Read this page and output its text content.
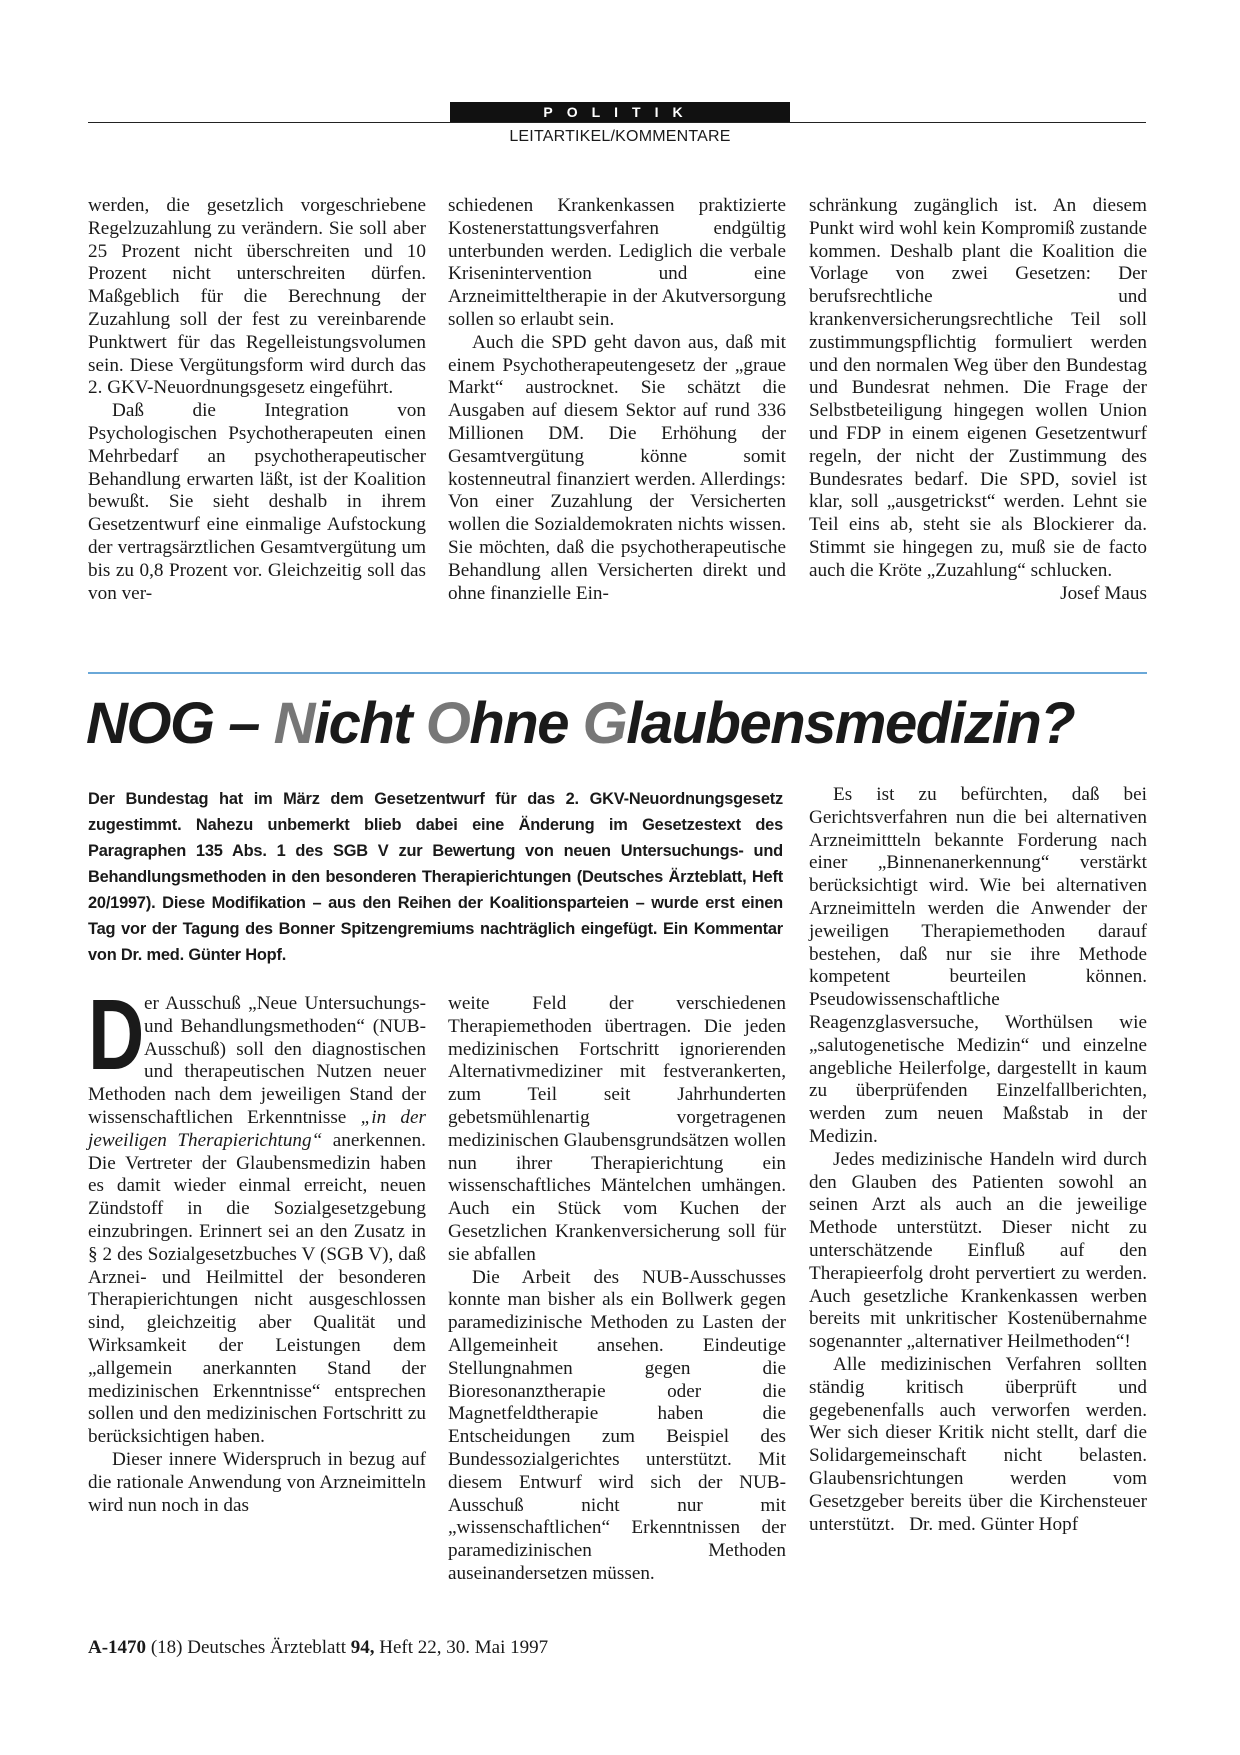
POLITIK
LEITARTIKEL/KOMMENTARE

werden, die gesetzlich vorgeschriebene Regelzuzahlung zu verändern. Sie soll aber 25 Prozent nicht überschreiten und 10 Prozent nicht unterschreiten dürfen. Maßgeblich für die Berechnung der Zuzahlung soll der fest zu vereinbarende Punktwert für das Regelleistungsvolumen sein. Diese Vergütungsform wird durch das 2. GKV-Neuordnungsgesetz eingeführt.

Daß die Integration von Psychologischen Psychotherapeuten einen Mehrbedarf an psychotherapeutischer Behandlung erwarten läßt, ist der Koalition bewußt. Sie sieht deshalb in ihrem Gesetzentwurf eine einmalige Aufstockung der vertragsärztlichen Gesamtvergütung um bis zu 0,8 Prozent vor. Gleichzeitig soll das von ver-

schiedenen Krankenkassen praktizierte Kostenerstattungsverfahren endgültig unterbunden werden. Lediglich die verbale Krisenintervention und eine Arzneimitteltherapie in der Akutversorgung sollen so erlaubt sein.

Auch die SPD geht davon aus, daß mit einem Psychotherapeutengesetz der „graue Markt“ austrocknet. Sie schätzt die Ausgaben auf diesem Sektor auf rund 336 Millionen DM. Die Erhöhung der Gesamtvergütung könne somit kostenneutral finanziert werden. Allerdings: Von einer Zuzahlung der Versicherten wollen die Sozialdemokraten nichts wissen. Sie möchten, daß die psychotherapeutische Behandlung allen Versicherten direkt und ohne finanzielle Ein-

schränkung zugänglich ist. An diesem Punkt wird wohl kein Kompromiß zustande kommen. Deshalb plant die Koalition die Vorlage von zwei Gesetzen: Der berufsrechtliche und krankenversicherungsrechtliche Teil soll zustimmungspflichtig formuliert werden und den normalen Weg über den Bundestag und Bundesrat nehmen. Die Frage der Selbstbeteiligung hingegen wollen Union und FDP in einem eigenen Gesetzentwurf regeln, der nicht der Zustimmung des Bundesrates bedarf. Die SPD, soviel ist klar, soll „ausgetrickst“ werden. Lehnt sie Teil eins ab, steht sie als Blockierer da. Stimmt sie hingegen zu, muß sie de facto auch die Kröte „Zuzahlung“ schlucken.

Josef Maus
NOG – Nicht Ohne Glaubensmedizin?
Der Bundestag hat im März dem Gesetzentwurf für das 2. GKV-Neuordnungsgesetz zugestimmt. Nahezu unbemerkt blieb dabei eine Änderung im Gesetzestext des Paragraphen 135 Abs. 1 des SGB V zur Bewertung von neuen Untersuchungs- und Behandlungsmethoden in den besonderen Therapierichtungen (Deutsches Ärzteblatt, Heft 20/1997). Diese Modifikation – aus den Reihen der Koalitionsparteien – wurde erst einen Tag vor der Tagung des Bonner Spitzengremiums nachträglich eingefügt. Ein Kommentar von Dr. med. Günter Hopf.

Der Ausschuß „Neue Untersuchungs- und Behandlungsmethoden“ (NUB-Ausschuß) soll den diagnostischen und therapeutischen Nutzen neuer Methoden nach dem jeweiligen Stand der wissenschaftlichen Erkenntnisse „in der jeweiligen Therapierichtung“ anerkennen. Die Vertreter der Glaubensmedizin haben es damit wieder einmal erreicht, neuen Zündstoff in die Sozialgesetzgebung einzubringen. Erinnert sei an den Zusatz in § 2 des Sozialgesetzbuches V (SGB V), daß Arznei- und Heilmittel der besonderen Therapierichtungen nicht ausgeschlossen sind, gleichzeitig aber Qualität und Wirksamkeit der Leistungen dem „allgemein anerkannten Stand der medizinischen Erkenntnisse“ entsprechen sollen und den medizinischen Fortschritt zu berücksichtigen haben.

Dieser innere Widerspruch in bezug auf die rationale Anwendung von Arzneimitteln wird nun noch in das

weite Feld der verschiedenen Therapiemethoden übertragen. Die jeden medizinischen Fortschritt ignorierenden Alternativmediziner mit festverankerten, zum Teil seit Jahrhunderten gebetsmühlenartig vorgetragenen medizinischen Glaubensgrundsätzen wollen nun ihrer Therapierichtung ein wissenschaftliches Mäntelchen umhängen. Auch ein Stück vom Kuchen der Gesetzlichen Krankenversicherung soll für sie abfallen

Die Arbeit des NUB-Ausschusses konnte man bisher als ein Bollwerk gegen paramedizinische Methoden zu Lasten der Allgemeinheit ansehen. Eindeutige Stellungnahmen gegen die Bioresonanztherapie oder die Magnetfeldtherapie haben die Entscheidungen zum Beispiel des Bundessozialgerichtes unterstützt. Mit diesem Entwurf wird sich der NUB-Ausschuß nicht nur mit „wissenschaftlichen“ Erkenntnissen der paramedizinischen Methoden auseinandersetzen müssen.

Es ist zu befürchten, daß bei Gerichtsverfahren nun die bei alternativen Arzneimittteln bekannte Forderung nach einer „Binnenanerkennung“ verstärkt berücksichtigt wird. Wie bei alternativen Arzneimitteln werden die Anwender der jeweiligen Therapiemethoden darauf bestehen, daß nur sie ihre Methode kompetent beurteilen können. Pseudowissenschaftliche Reagenzglasversuche, Worthülsen wie „salutogenetische Medizin“ und einzelne angebliche Heilerfolge, dargestellt in kaum zu überprüfenden Einzelfallberichten, werden zum neuen Maßstab in der Medizin.

Jedes medizinische Handeln wird durch den Glauben des Patienten sowohl an seinen Arzt als auch an die jeweilige Methode unterstützt. Dieser nicht zu unterschätzende Einfluß auf den Therapieerfolg droht pervertiert zu werden. Auch gesetzliche Krankenkassen werben bereits mit unkritischer Kostenübernahme sogenannter „alternativer Heilmethoden“!

Alle medizinischen Verfahren sollten ständig kritisch überprüft und gegebenenfalls auch verworfen werden. Wer sich dieser Kritik nicht stellt, darf die Solidargemeinschaft nicht belasten. Glaubensrichtungen werden vom Gesetzgeber bereits über die Kirchensteuer unterstützt. Dr. med. Günter Hopf

A-1470 (18) Deutsches Ärzteblatt 94, Heft 22, 30. Mai 1997
